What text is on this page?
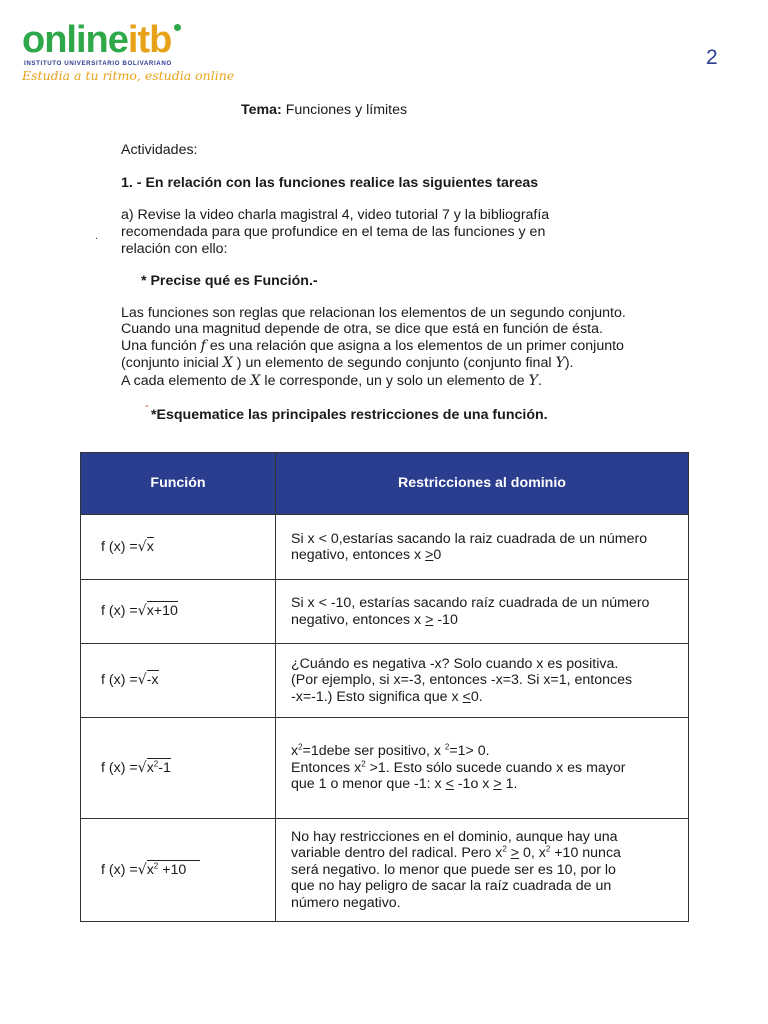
onlineitb
INSTITUTO UNIVERSITARIO BOLIVARIANO
Estudia a tu ritmo, estudia online
2
Tema: Funciones y límites
Actividades:
1. - En relación con las funciones realice las siguientes tareas
a) Revise la video charla magistral 4, video tutorial 7 y la bibliografía
recomendada para que profundice en el tema de las funciones y en
relación con ello:
.
* Precise qué es Función.-
Las funciones son reglas que relacionan los elementos de un segundo conjunto.
Cuando una magnitud depende de otra, se dice que está en función de ésta.
Una función f es una relación que asigna a los elementos de un primer conjunto
(conjunto inicial X ) un elemento de segundo conjunto (conjunto final Y).
A cada elemento de X le corresponde, un y solo un elemento de Y.
-
*Esquematice las principales restricciones de una función.
Función	Restricciones al dominio
f (x) =√x	Si x < 0,estarías sacando la raiz cuadrada de un número
negativo, entonces x >0
f (x) =√x+10	Si x < -10, estarías sacando raíz cuadrada de un número
negativo, entonces x > -10
f (x) =√-x	¿Cuándo es negativa -x? Solo cuando x es positiva.
(Por ejemplo, si x=-3, entonces -x=3. Si x=1, entonces
-x=-1.) Esto significa que x <0.
f $(x) =√x^2-1$	$x^2=1debe$ ser positivo, x $^2$=1> 0.
Entonces $x^2 >1$. Esto sólo sucede cuando x es mayor
que 1 o menor que -1: x < -1o x > 1.
f $(x) =√x^2 +10$	No hay restricciones en el dominio, aunque hay una
variable dentro del radical. Pero $x^2 > 0$, $x^2 +10$ nunca
será negativo. lo menor que puede ser es 10, por lo
que no hay peligro de sacar la raíz cuadrada de un
número negativo.
